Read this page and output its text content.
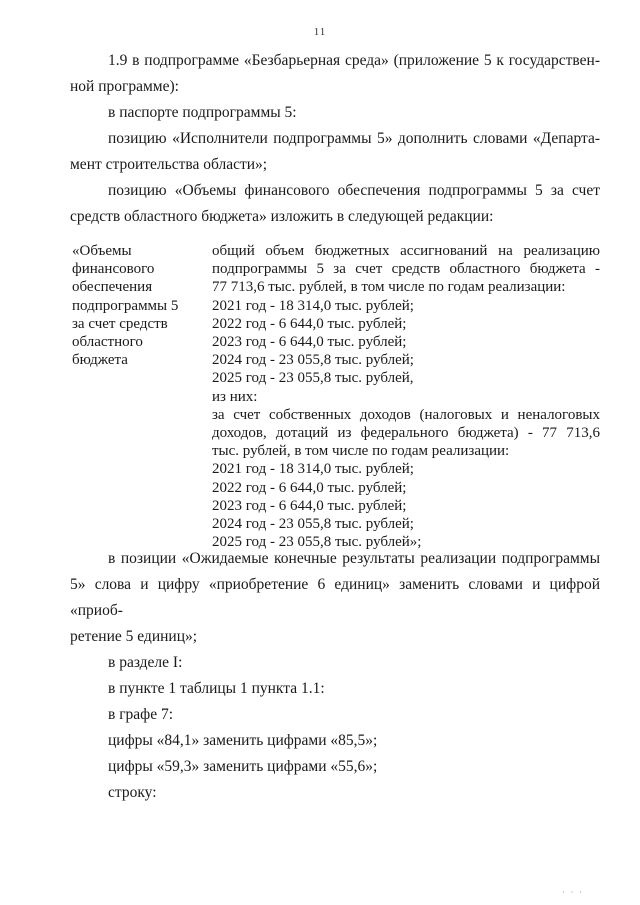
11
1.9 в подпрограмме «Безбарьерная среда» (приложение 5 к государствен-
ной программе):
в паспорте подпрограммы 5:
позицию «Исполнители подпрограммы 5» дополнить словами «Департа-
мент строительства области»;
позицию «Объемы финансового обеспечения подпрограммы 5 за счет
средств областного бюджета» изложить в следующей редакции:
«Объемы
финансового
обеспечения
подпрограммы 5
за счет средств
областного
бюджета
общий объем бюджетных ассигнований на реализацию
подпрограммы 5 за счет средств областного бюджета -
77 713,6 тыс. рублей, в том числе по годам реализации:
2021 год - 18 314,0 тыс. рублей;
2022 год - 6 644,0 тыс. рублей;
2023 год - 6 644,0 тыс. рублей;
2024 год - 23 055,8 тыс. рублей;
2025 год - 23 055,8 тыс. рублей,
из них:
за счет собственных доходов (налоговых и неналоговых
доходов, дотаций из федерального бюджета) - 77 713,6
тыс. рублей, в том числе по годам реализации:
2021 год - 18 314,0 тыс. рублей;
2022 год - 6 644,0 тыс. рублей;
2023 год - 6 644,0 тыс. рублей;
2024 год - 23 055,8 тыс. рублей;
2025 год - 23 055,8 тыс. рублей»;
в позиции «Ожидаемые конечные результаты реализации подпрограммы
5» слова и цифру «приобретение 6 единиц» заменить словами и цифрой «приоб-
ретение 5 единиц»;
в разделе I:
в пункте 1 таблицы 1 пункта 1.1:
в графе 7:
цифры «84,1» заменить цифрами «85,5»;
цифры «59,3» заменить цифрами «55,6»;
строку:
· · ·
